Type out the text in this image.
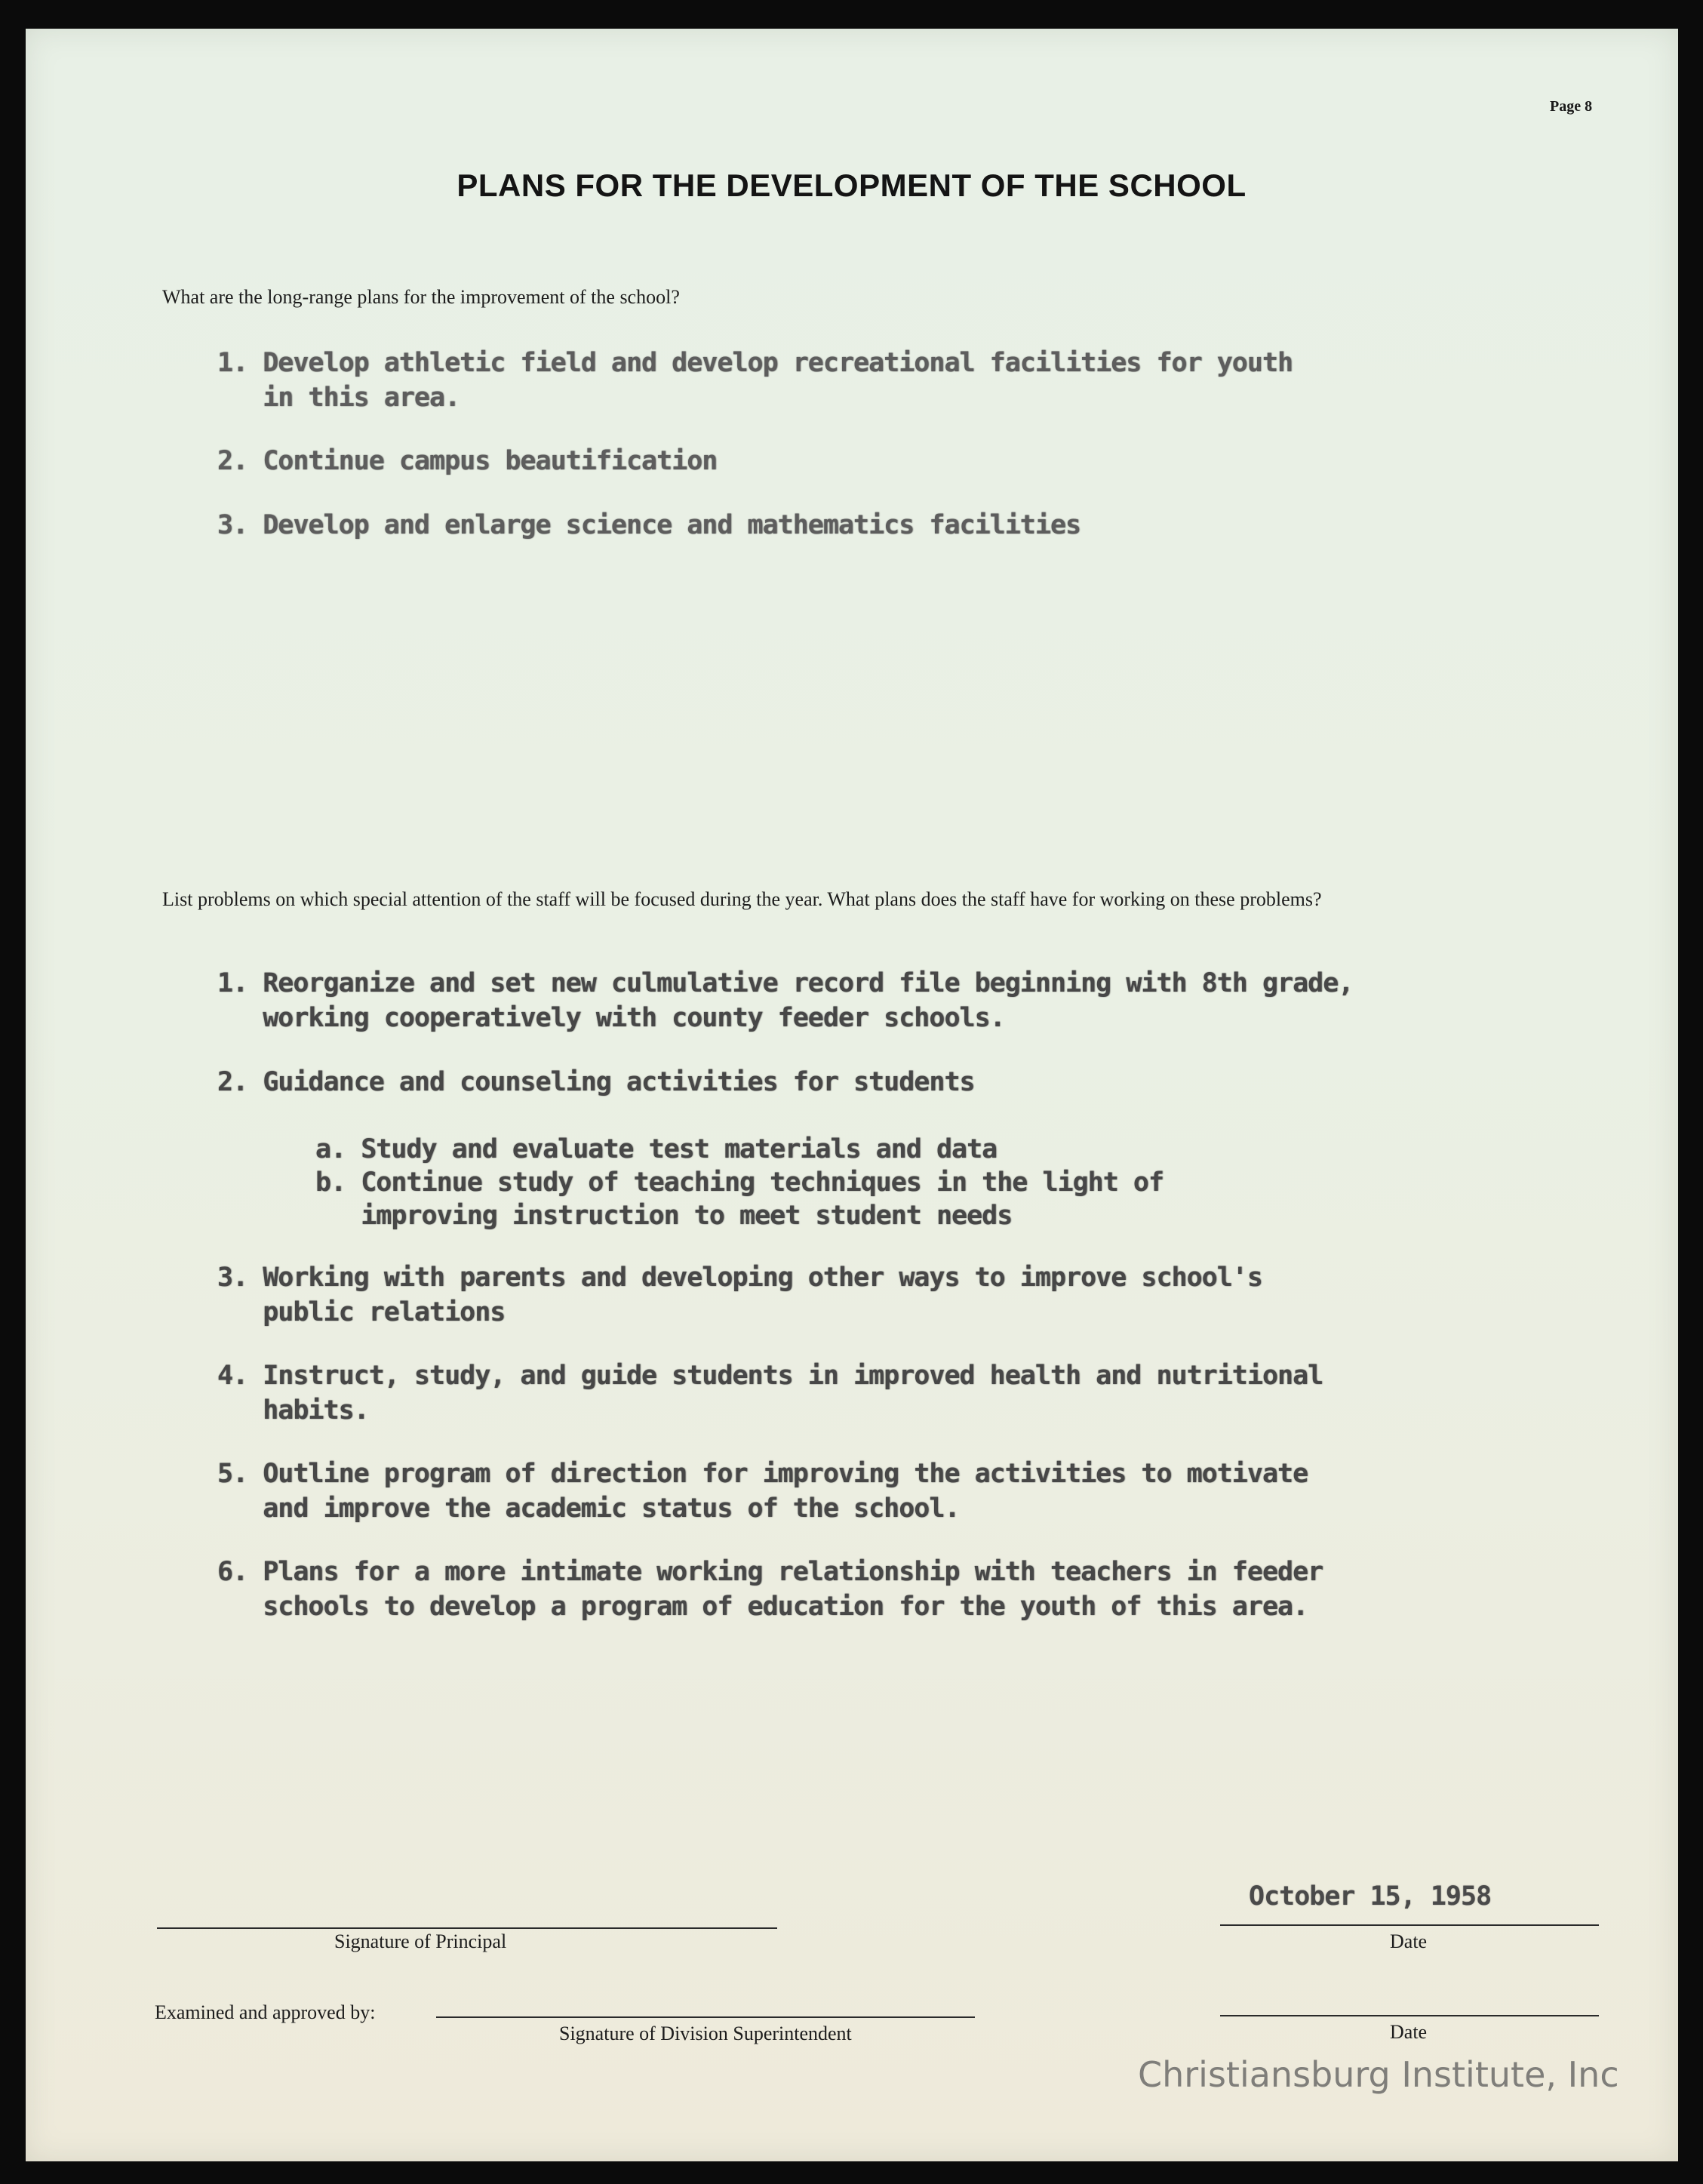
Page 8
PLANS FOR THE DEVELOPMENT OF THE SCHOOL
What are the long-range plans for the improvement of the school?
1. Develop athletic field and develop recreational facilities for youth
in this area.
2. Continue campus beautification
3. Develop and enlarge science and mathematics facilities
List problems on which special attention of the staff will be focused during the year. What plans does the staff have for working on these problems?
1. Reorganize and set new culmulative record file beginning with 8th grade,
working cooperatively with county feeder schools.
2. Guidance and counseling activities for students
a. Study and evaluate test materials and data
b. Continue study of teaching techniques in the light of
improving instruction to meet student needs
3. Working with parents and developing other ways to improve school's
public relations
4. Instruct, study, and guide students in improved health and nutritional
habits.
5. Outline program of direction for improving the activities to motivate
and improve the academic status of the school.
6. Plans for a more intimate working relationship with teachers in feeder
schools to develop a program of education for the youth of this area.
Signature of Principal
October 15, 1958
Date
Examined and approved by:
Signature of Division Superintendent	Date
Christiansburg Institute, Inc
